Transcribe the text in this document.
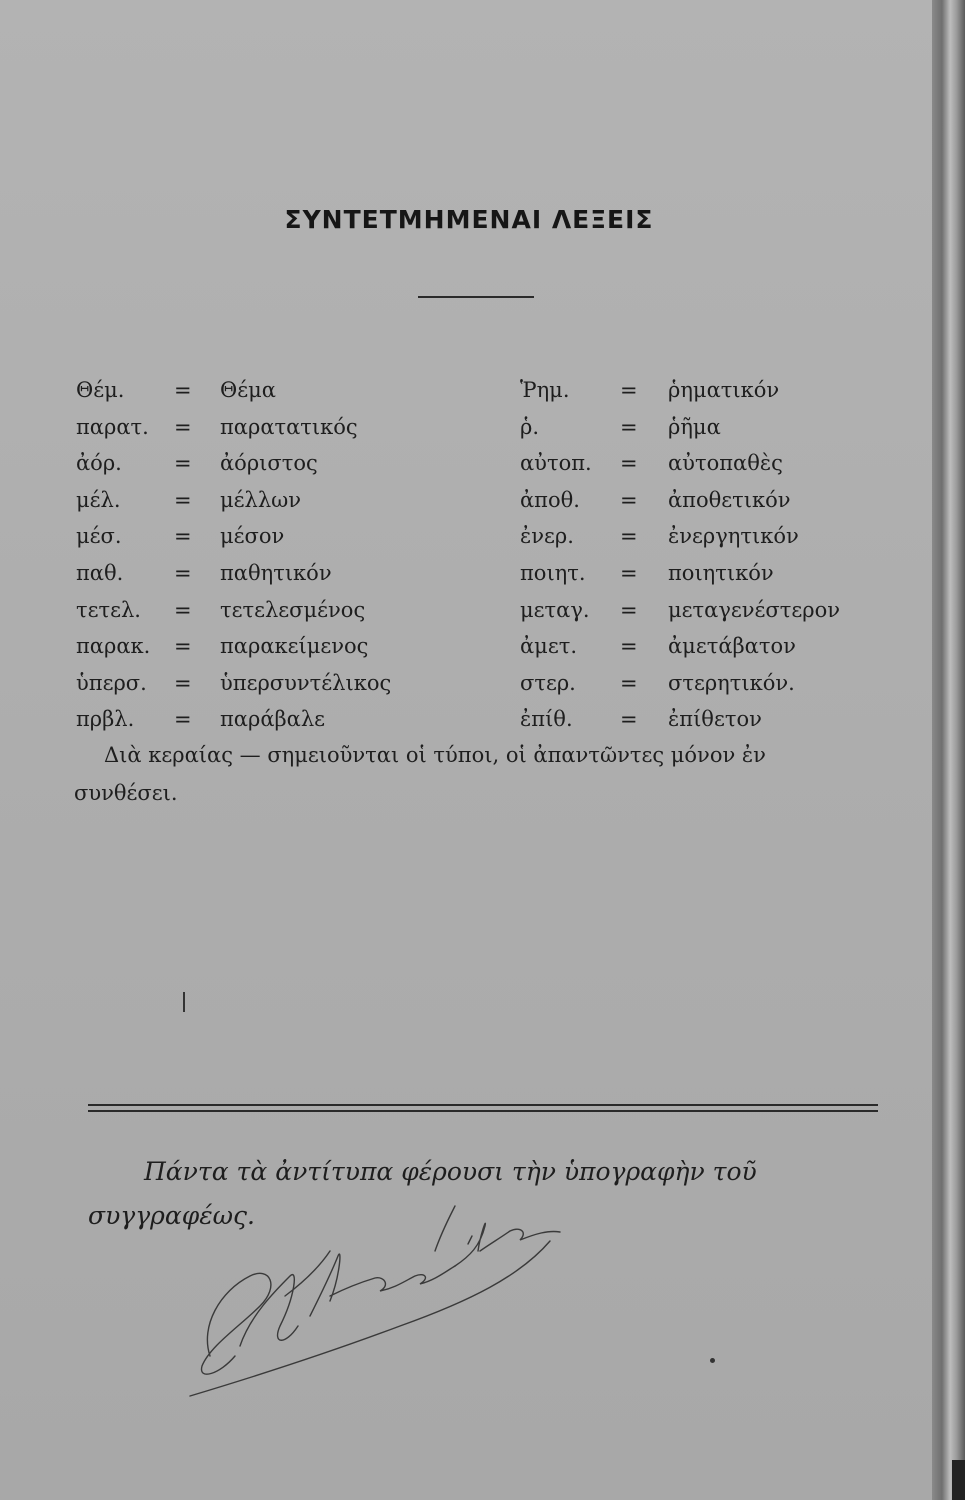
ΣΥΝΤΕΤΜΗΜΕΝΑΙ ΛΕΞΕΙΣ
Θέμ. = Θέμα
παρατ. = παρατατικός
ἀόρ. = ἀόριστος
μέλ.	= μέλλων
μέσ. = μέσον
παθ. = παθητικόν
τετελ. = τετελεσμένος
παρακ. = παρακείμενος
ὑπερσ. = ὑπερσυντέλικος
πρβλ. = παράβαλε
Ῥημ. = ῥηματικόν
ῥ.	= ῥῆμα
αὐτοπ. = αὐτοπαθὲς
ἀποθ. = ἀποθετικόν
ἐνερ. = ἐνεργητικόν
ποιητ. = ποιητικόν
μεταγ. = μεταγενέστερον
ἀμετ. = ἀμετάβατον
στερ. = στερητικόν.
ἐπίθ. = ἐπίθετον
Διὰ κεραίας — σημειοῦνται οἱ τύποι, οἱ ἀπαντῶντες μόνον ἐν συνθέσει.
Πάντα τὰ ἀντίτυπα φέρουσι τὴν ὑπογραφὴν τοῦ συγγραφέως.
